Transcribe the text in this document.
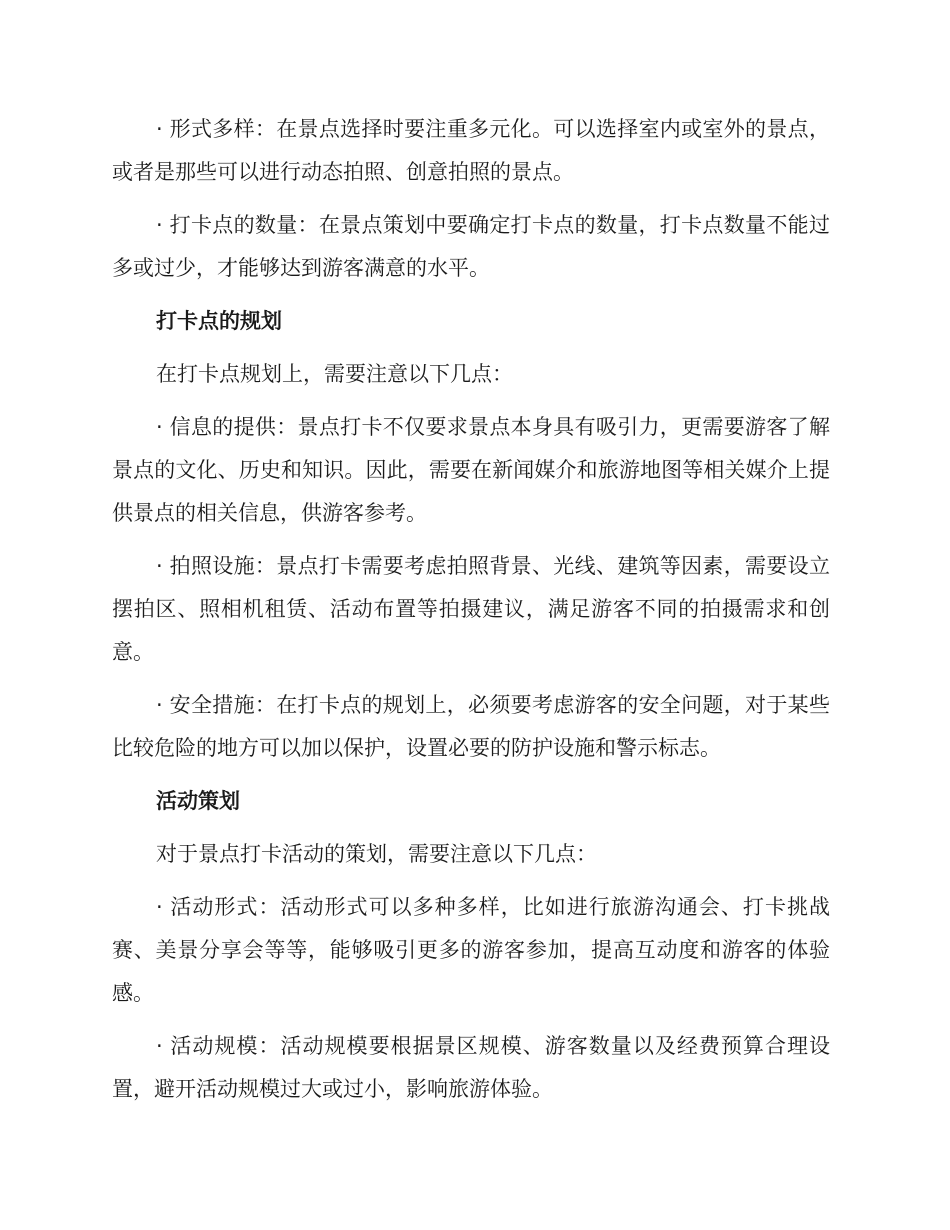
· 形式多样：在景点选择时要注重多元化。可以选择室内或室外的景点，或者是那些可以进行动态拍照、创意拍照的景点。

· 打卡点的数量：在景点策划中要确定打卡点的数量，打卡点数量不能过多或过少，才能够达到游客满意的水平。

打卡点的规划

在打卡点规划上，需要注意以下几点：

· 信息的提供：景点打卡不仅要求景点本身具有吸引力，更需要游客了解景点的文化、历史和知识。因此，需要在新闻媒介和旅游地图等相关媒介上提供景点的相关信息，供游客参考。

· 拍照设施：景点打卡需要考虑拍照背景、光线、建筑等因素，需要设立摆拍区、照相机租赁、活动布置等拍摄建议，满足游客不同的拍摄需求和创意。

· 安全措施：在打卡点的规划上，必须要考虑游客的安全问题，对于某些比较危险的地方可以加以保护，设置必要的防护设施和警示标志。

活动策划

对于景点打卡活动的策划，需要注意以下几点：

· 活动形式：活动形式可以多种多样，比如进行旅游沟通会、打卡挑战赛、美景分享会等等，能够吸引更多的游客参加，提高互动度和游客的体验感。

· 活动规模：活动规模要根据景区规模、游客数量以及经费预算合理设置，避开活动规模过大或过小，影响旅游体验。
